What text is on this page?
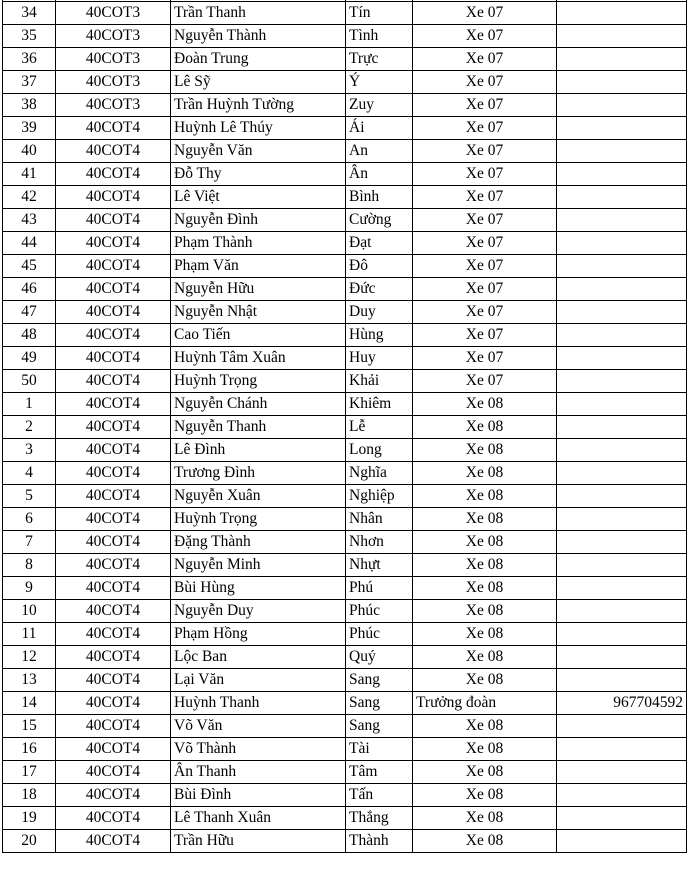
34	40COT3	Trần Thanh	Tín	Xe 07	
35	40COT3	Nguyễn Thành	Tình	Xe 07	
36	40COT3	Đoàn Trung	Trực	Xe 07	
37	40COT3	Lê Sỹ	Ý	Xe 07	
38	40COT3	Trần Huỳnh Tường	Zuy	Xe 07	
39	40COT4	Huỳnh Lê Thúy	Ái	Xe 07	
40	40COT4	Nguyễn Văn	An	Xe 07	
41	40COT4	Đỗ Thy	Ân	Xe 07	
42	40COT4	Lê Việt	Bình	Xe 07	
43	40COT4	Nguyễn Đình	Cường	Xe 07	
44	40COT4	Phạm Thành	Đạt	Xe 07	
45	40COT4	Phạm Văn	Đô	Xe 07	
46	40COT4	Nguyễn Hữu	Đức	Xe 07	
47	40COT4	Nguyễn Nhật	Duy	Xe 07	
48	40COT4	Cao Tiến	Hùng	Xe 07	
49	40COT4	Huỳnh Tâm Xuân	Huy	Xe 07	
50	40COT4	Huỳnh Trọng	Khải	Xe 07	
1	40COT4	Nguyễn Chánh	Khiêm	Xe 08	
2	40COT4	Nguyễn Thanh	Lễ	Xe 08	
3	40COT4	Lê Đình	Long	Xe 08	
4	40COT4	Trương Đình	Nghĩa	Xe 08	
5	40COT4	Nguyễn Xuân	Nghiệp	Xe 08	
6	40COT4	Huỳnh Trọng	Nhân	Xe 08	
7	40COT4	Đặng Thành	Nhơn	Xe 08	
8	40COT4	Nguyễn Minh	Nhựt	Xe 08	
9	40COT4	Bùi Hùng	Phú	Xe 08	
10	40COT4	Nguyễn Duy	Phúc	Xe 08	
11	40COT4	Phạm Hồng	Phúc	Xe 08	
12	40COT4	Lộc Ban	Quý	Xe 08	
13	40COT4	Lại Văn	Sang	Xe 08	
14	40COT4	Huỳnh Thanh	Sang	Trưởng đoàn	967704592
15	40COT4	Võ Văn	Sang	Xe 08	
16	40COT4	Võ Thành	Tài	Xe 08	
17	40COT4	Ân Thanh	Tâm	Xe 08	
18	40COT4	Bùi Đình	Tấn	Xe 08	
19	40COT4	Lê Thanh Xuân	Thắng	Xe 08	
20	40COT4	Trần Hữu	Thành	Xe 08	
